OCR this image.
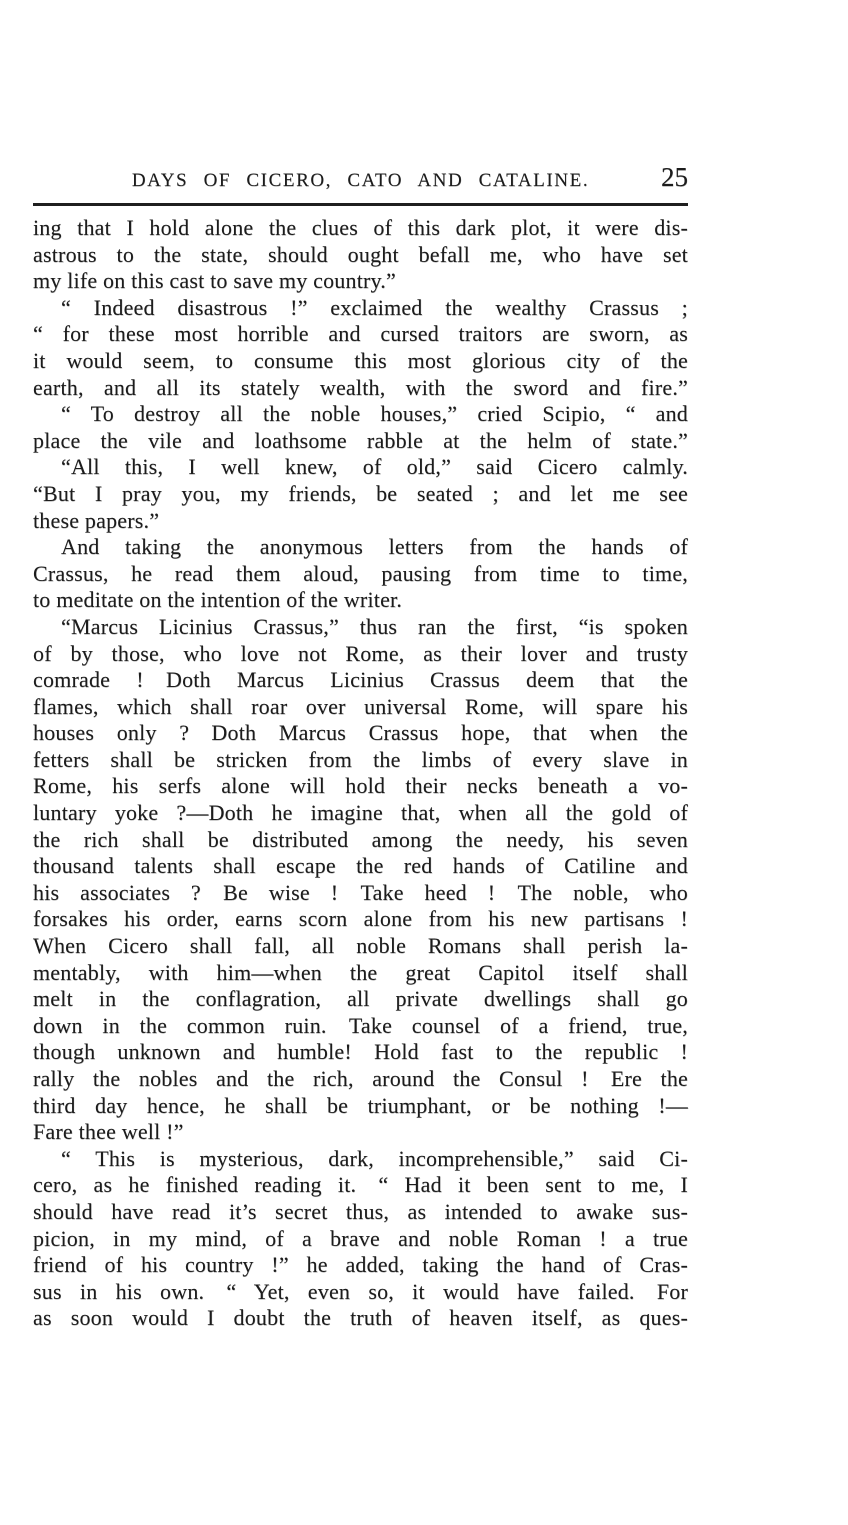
DAYS OF CICERO, CATO AND CATALINE.	25
ing that I hold alone the clues of this dark plot, it were dis-
astrous to the state, should ought befall me, who have set
my life on this cast to save my country.”
“ Indeed disastrous !” exclaimed the wealthy Crassus ;
“ for these most horrible and cursed traitors are sworn, as
it would seem, to consume this most glorious city of the
earth, and all its stately wealth, with the sword and fire.”
“ To destroy all the noble houses,” cried Scipio, “ and
place the vile and loathsome rabble at the helm of state.”
“All this, I well knew, of old,” said Cicero calmly.
“But I pray you, my friends, be seated ; and let me see
these papers.”
And taking the anonymous letters from the hands of
Crassus, he read them aloud, pausing from time to time,
to meditate on the intention of the writer.
“Marcus Licinius Crassus,” thus ran the first, “is spoken
of by those, who love not Rome, as their lover and trusty
comrade ! Doth Marcus Licinius Crassus deem that the
flames, which shall roar over universal Rome, will spare his
houses only ? Doth Marcus Crassus hope, that when the
fetters shall be stricken from the limbs of every slave in
Rome, his serfs alone will hold their necks beneath a vo-
luntary yoke ?—Doth he imagine that, when all the gold of
the rich shall be distributed among the needy, his seven
thousand talents shall escape the red hands of Catiline and
his associates ? Be wise ! Take heed ! The noble, who
forsakes his order, earns scorn alone from his new partisans !
When Cicero shall fall, all noble Romans shall perish la-
mentably, with him—when the great Capitol itself shall
melt in the conflagration, all private dwellings shall go
down in the common ruin. Take counsel of a friend, true,
though unknown and humble! Hold fast to the republic !
rally the nobles and the rich, around the Consul ! Ere the
third day hence, he shall be triumphant, or be nothing !—
Fare thee well !”
“ This is mysterious, dark, incomprehensible,” said Ci-
cero, as he finished reading it. “ Had it been sent to me, I
should have read it’s secret thus, as intended to awake sus-
picion, in my mind, of a brave and noble Roman ! a true
friend of his country !” he added, taking the hand of Cras-
sus in his own. “ Yet, even so, it would have failed. For
as soon would I doubt the truth of heaven itself, as ques-
